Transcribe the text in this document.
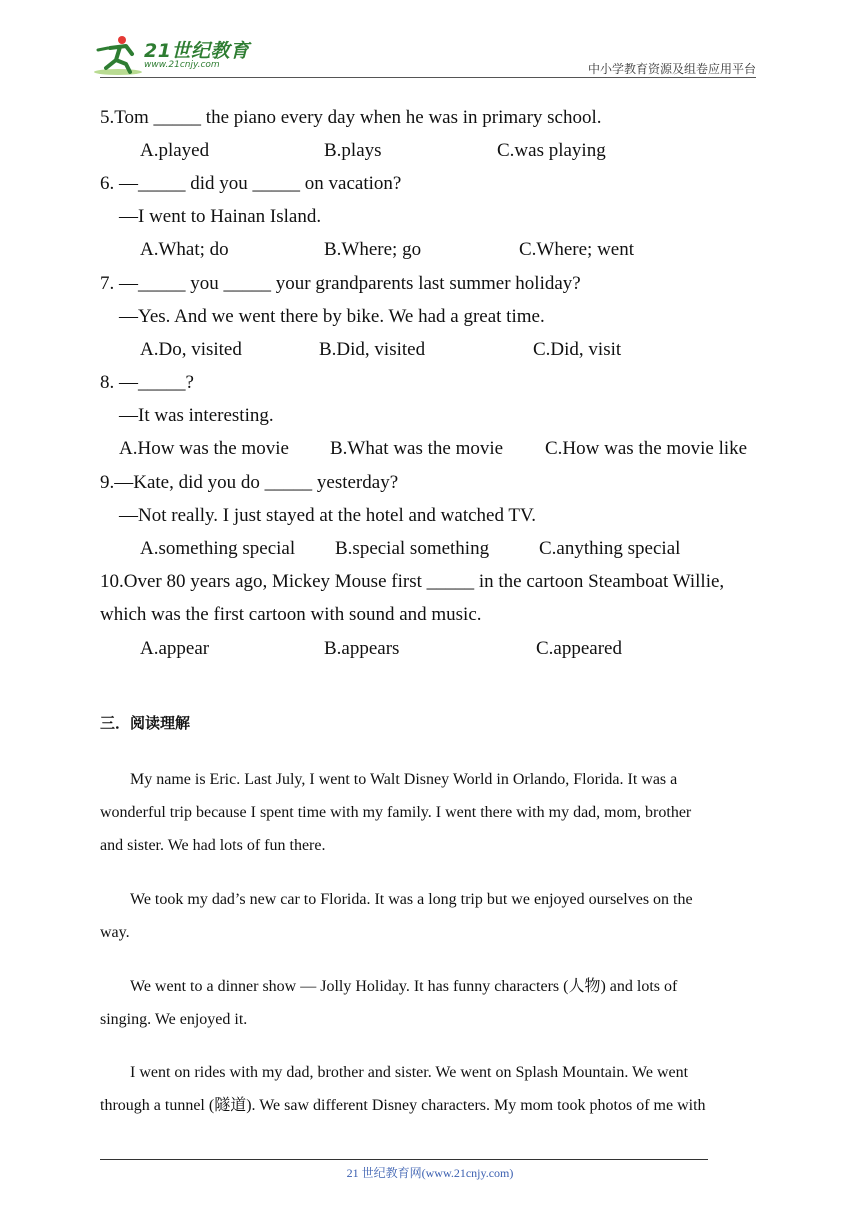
21世纪教育
www.21cnjy.com	中小学教育资源及组卷应用平台
5.Tom _____ the piano every day when he was in primary school.
A.played	B.plays	C.was playing
6. —_____ did you _____ on vacation?
—I went to Hainan Island.
A.What; do	B.Where; go	C.Where; went
7. —_____ you _____ your grandparents last summer holiday?
—Yes. And we went there by bike. We had a great time.
A.Do, visited	B.Did, visited	C.Did, visit
8. —_____?
—It was interesting.
A.How was the movie B.What was the movie C.How was the movie like
9.—Kate, did you do _____ yesterday?
—Not really. I just stayed at the hotel and watched TV.
A.something special B.special something	C.anything special
10.Over 80 years ago, Mickey Mouse first _____ in the cartoon Steamboat Willie,
which was the first cartoon with sound and music.
A.appear	B.appears	C.appeared
三．阅读理解
My name is Eric. Last July, I went to Walt Disney World in Orlando, Florida. It was a
wonderful trip because I spent time with my family. I went there with my dad, mom, brother
and sister. We had lots of fun there.
We took my dad’s new car to Florida. It was a long trip but we enjoyed ourselves on the
way.
We went to a dinner show — Jolly Holiday. It has funny characters (人物) and lots of
singing. We enjoyed it.
I went on rides with my dad, brother and sister. We went on Splash Mountain. We went
through a tunnel (隧道). We saw different Disney characters. My mom took photos of me with
21 世纪教育网(www.21cnjy.com)
